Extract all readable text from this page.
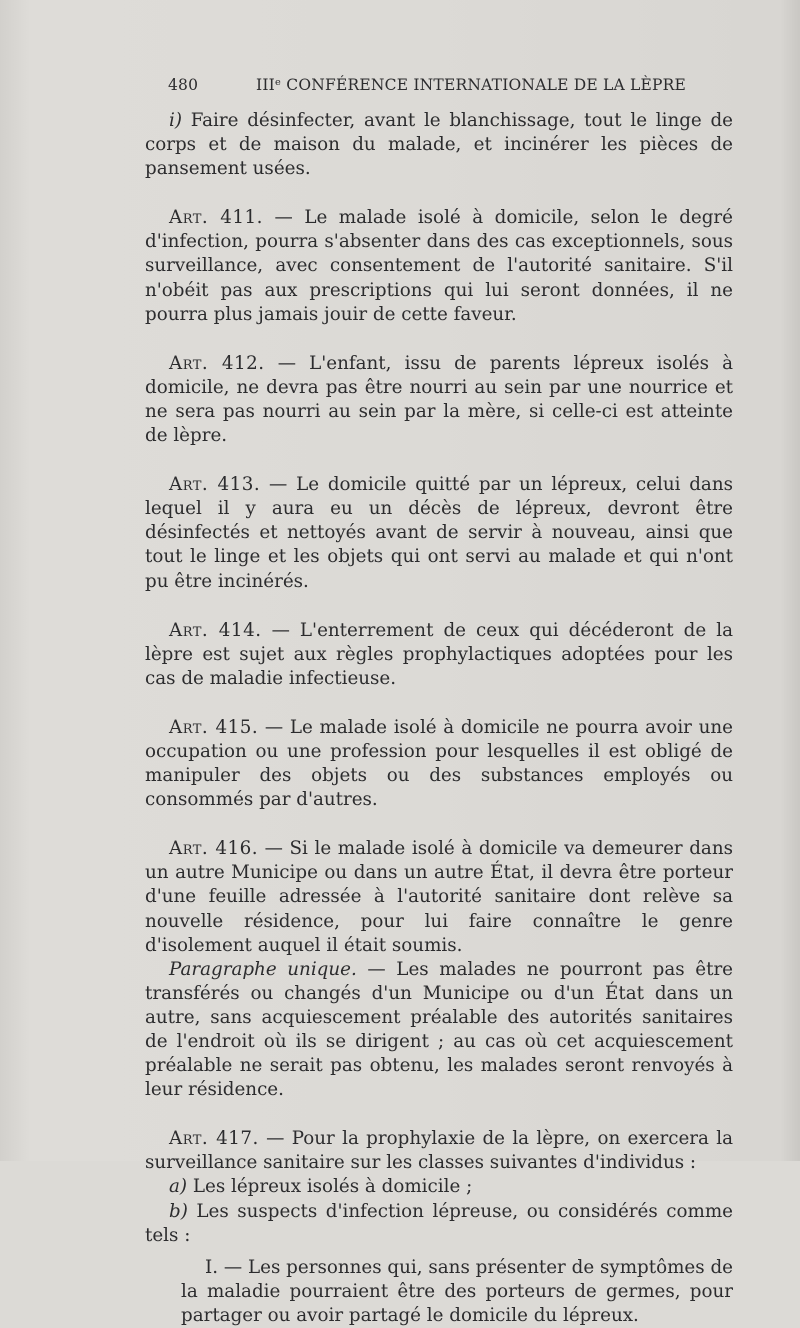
480	IIIᵉ CONFÉRENCE INTERNATIONALE DE LA LÈPRE

i) Faire désinfecter, avant le blanchissage, tout le linge de corps et de maison du malade, et incinérer les pièces de pansement usées.

Art. 411. — Le malade isolé à domicile, selon le degré d'infection, pourra s'absenter dans des cas exceptionnels, sous surveillance, avec consentement de l'autorité sanitaire. S'il n'obéit pas aux prescriptions qui lui seront données, il ne pourra plus jamais jouir de cette faveur.

Art. 412. — L'enfant, issu de parents lépreux isolés à domicile, ne devra pas être nourri au sein par une nourrice et ne sera pas nourri au sein par la mère, si celle-ci est atteinte de lèpre.

Art. 413. — Le domicile quitté par un lépreux, celui dans lequel il y aura eu un décès de lépreux, devront être désinfectés et nettoyés avant de servir à nouveau, ainsi que tout le linge et les objets qui ont servi au malade et qui n'ont pu être incinérés.

Art. 414. — L'enterrement de ceux qui décéderont de la lèpre est sujet aux règles prophylactiques adoptées pour les cas de maladie infectieuse.

Art. 415. — Le malade isolé à domicile ne pourra avoir une occupation ou une profession pour lesquelles il est obligé de manipuler des objets ou des substances employés ou consommés par d'autres.

Art. 416. — Si le malade isolé à domicile va demeurer dans un autre Municipe ou dans un autre État, il devra être porteur d'une feuille adressée à l'autorité sanitaire dont relève sa nouvelle résidence, pour lui faire connaître le genre d'isolement auquel il était soumis.

Paragraphe unique. — Les malades ne pourront pas être transférés ou changés d'un Municipe ou d'un État dans un autre, sans acquiescement préalable des autorités sanitaires de l'endroit où ils se dirigent ; au cas où cet acquiescement préalable ne serait pas obtenu, les malades seront renvoyés à leur résidence.

Art. 417. — Pour la prophylaxie de la lèpre, on exercera la surveillance sanitaire sur les classes suivantes d'individus :

a) Les lépreux isolés à domicile ;

b) Les suspects d'infection lépreuse, ou considérés comme tels :

I. — Les personnes qui, sans présenter de symptômes de la maladie pourraient être des porteurs de germes, pour partager ou avoir partagé le domicile du lépreux.
